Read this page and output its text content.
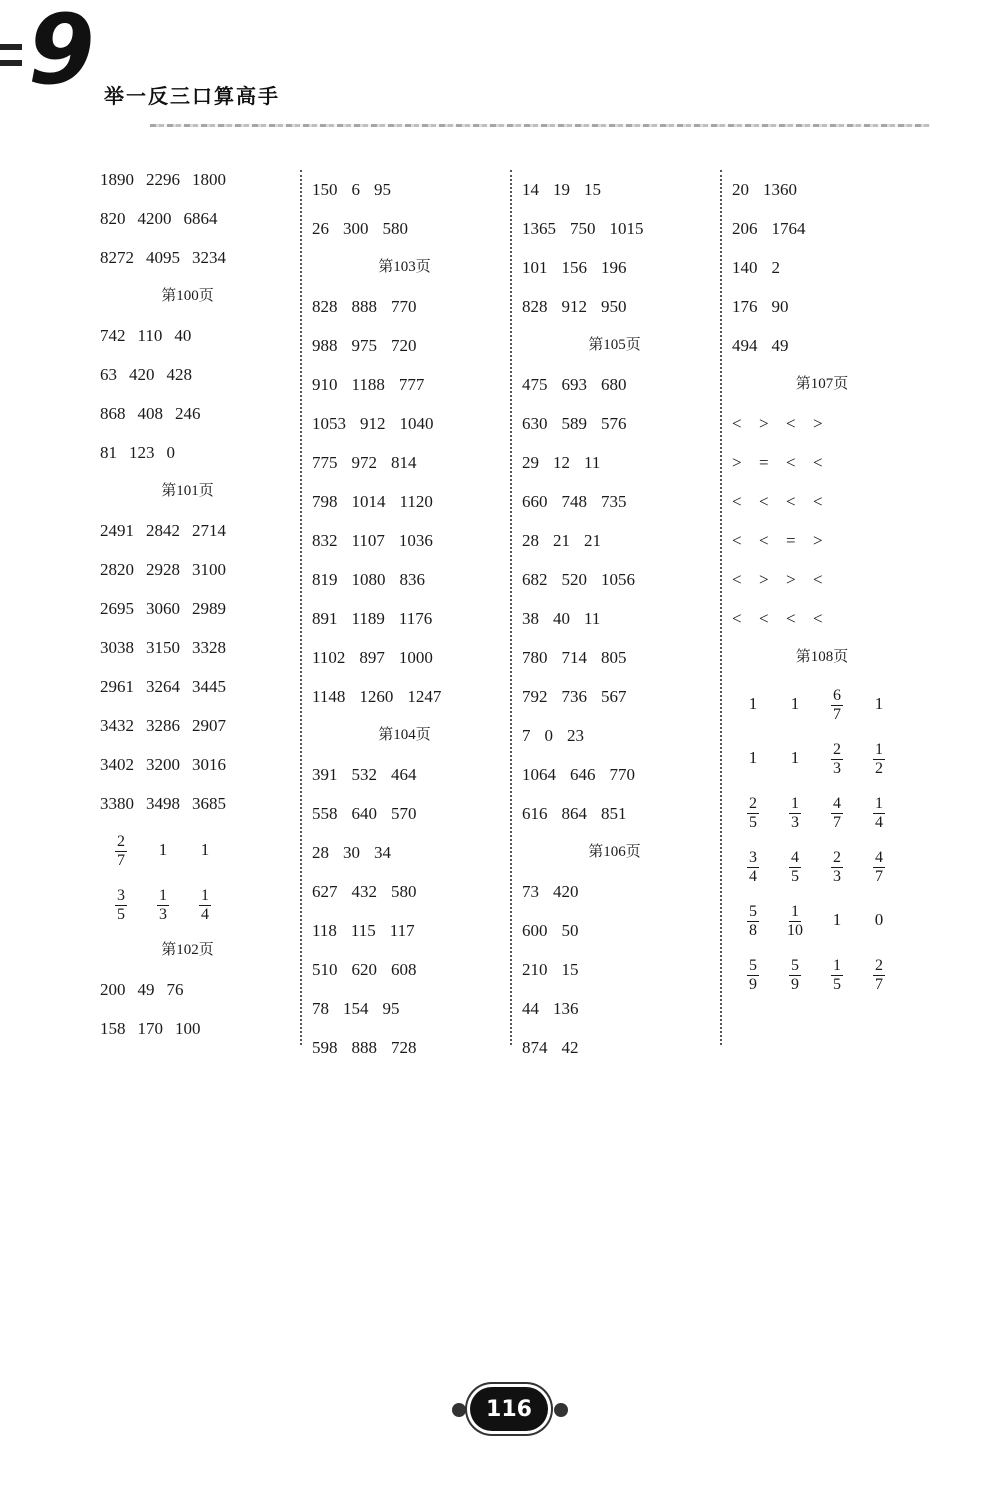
9 举一反三口算高手
1890 2296 1800
820 4200 6864
8272 4095 3234
第100页
742 110 40
63 420 428
868 408 246
81 123 0
第101页
2491 2842 2714
2820 2928 3100
2695 3060 2989
3038 3150 3328
2961 3264 3445
3432 3286 2907
3402 3200 3016
3380 3498 3685
$\frac{2}{7}$	1	1
$\frac{3}{5} \frac{1}{3} \frac{1}{4}$
第102页
200 49 76
158 170 100
150 6 95
26 300 580
第103页
828 888 770
988 975 720
910 1188 777
1053 912 1040
775 972 814
798 1014 1120
832 1107 1036
819 1080 836
891 1189 1176
1102 897 1000
1148 1260 1247
第104页
391 532 464
558 640 570
28 30 34
627 432 580
118 115 117
510 620 608
78 154 95
598 888 728
14 19 15
1365 750 1015
101 156 196
828 912 950
第105页
475 693 680
630 589 576
29 12 11
660 748 735
28 21 21
682 520 1056
38 40 11
780 714 805
792 736 567
7 0 23
1064 646 770
616 864 851
第106页
73 420
600 50
210 15
44 136
874 42
20 1360
206 1764
140 2
176 90
494 49
第107页
<	>	<	>
>	=	<	<
<	<	<	<
<	<	=	>
<	>	>	<
<	<	<	<
第108页
1	1	$\frac{6}{7}$	1
1	1	$\frac{2}{3} \frac{1}{2}$
$\frac{2}{5} \frac{1}{3} \frac{4}{7} \frac{1}{4}$
$\frac{3}{4} \frac{4}{5} \frac{2}{3} \frac{4}{7}$
$\frac{5}{8} \frac{1}{10}$	1	0
$\frac{5}{9} \frac{5}{9} \frac{1}{5} \frac{2}{7}$
116
